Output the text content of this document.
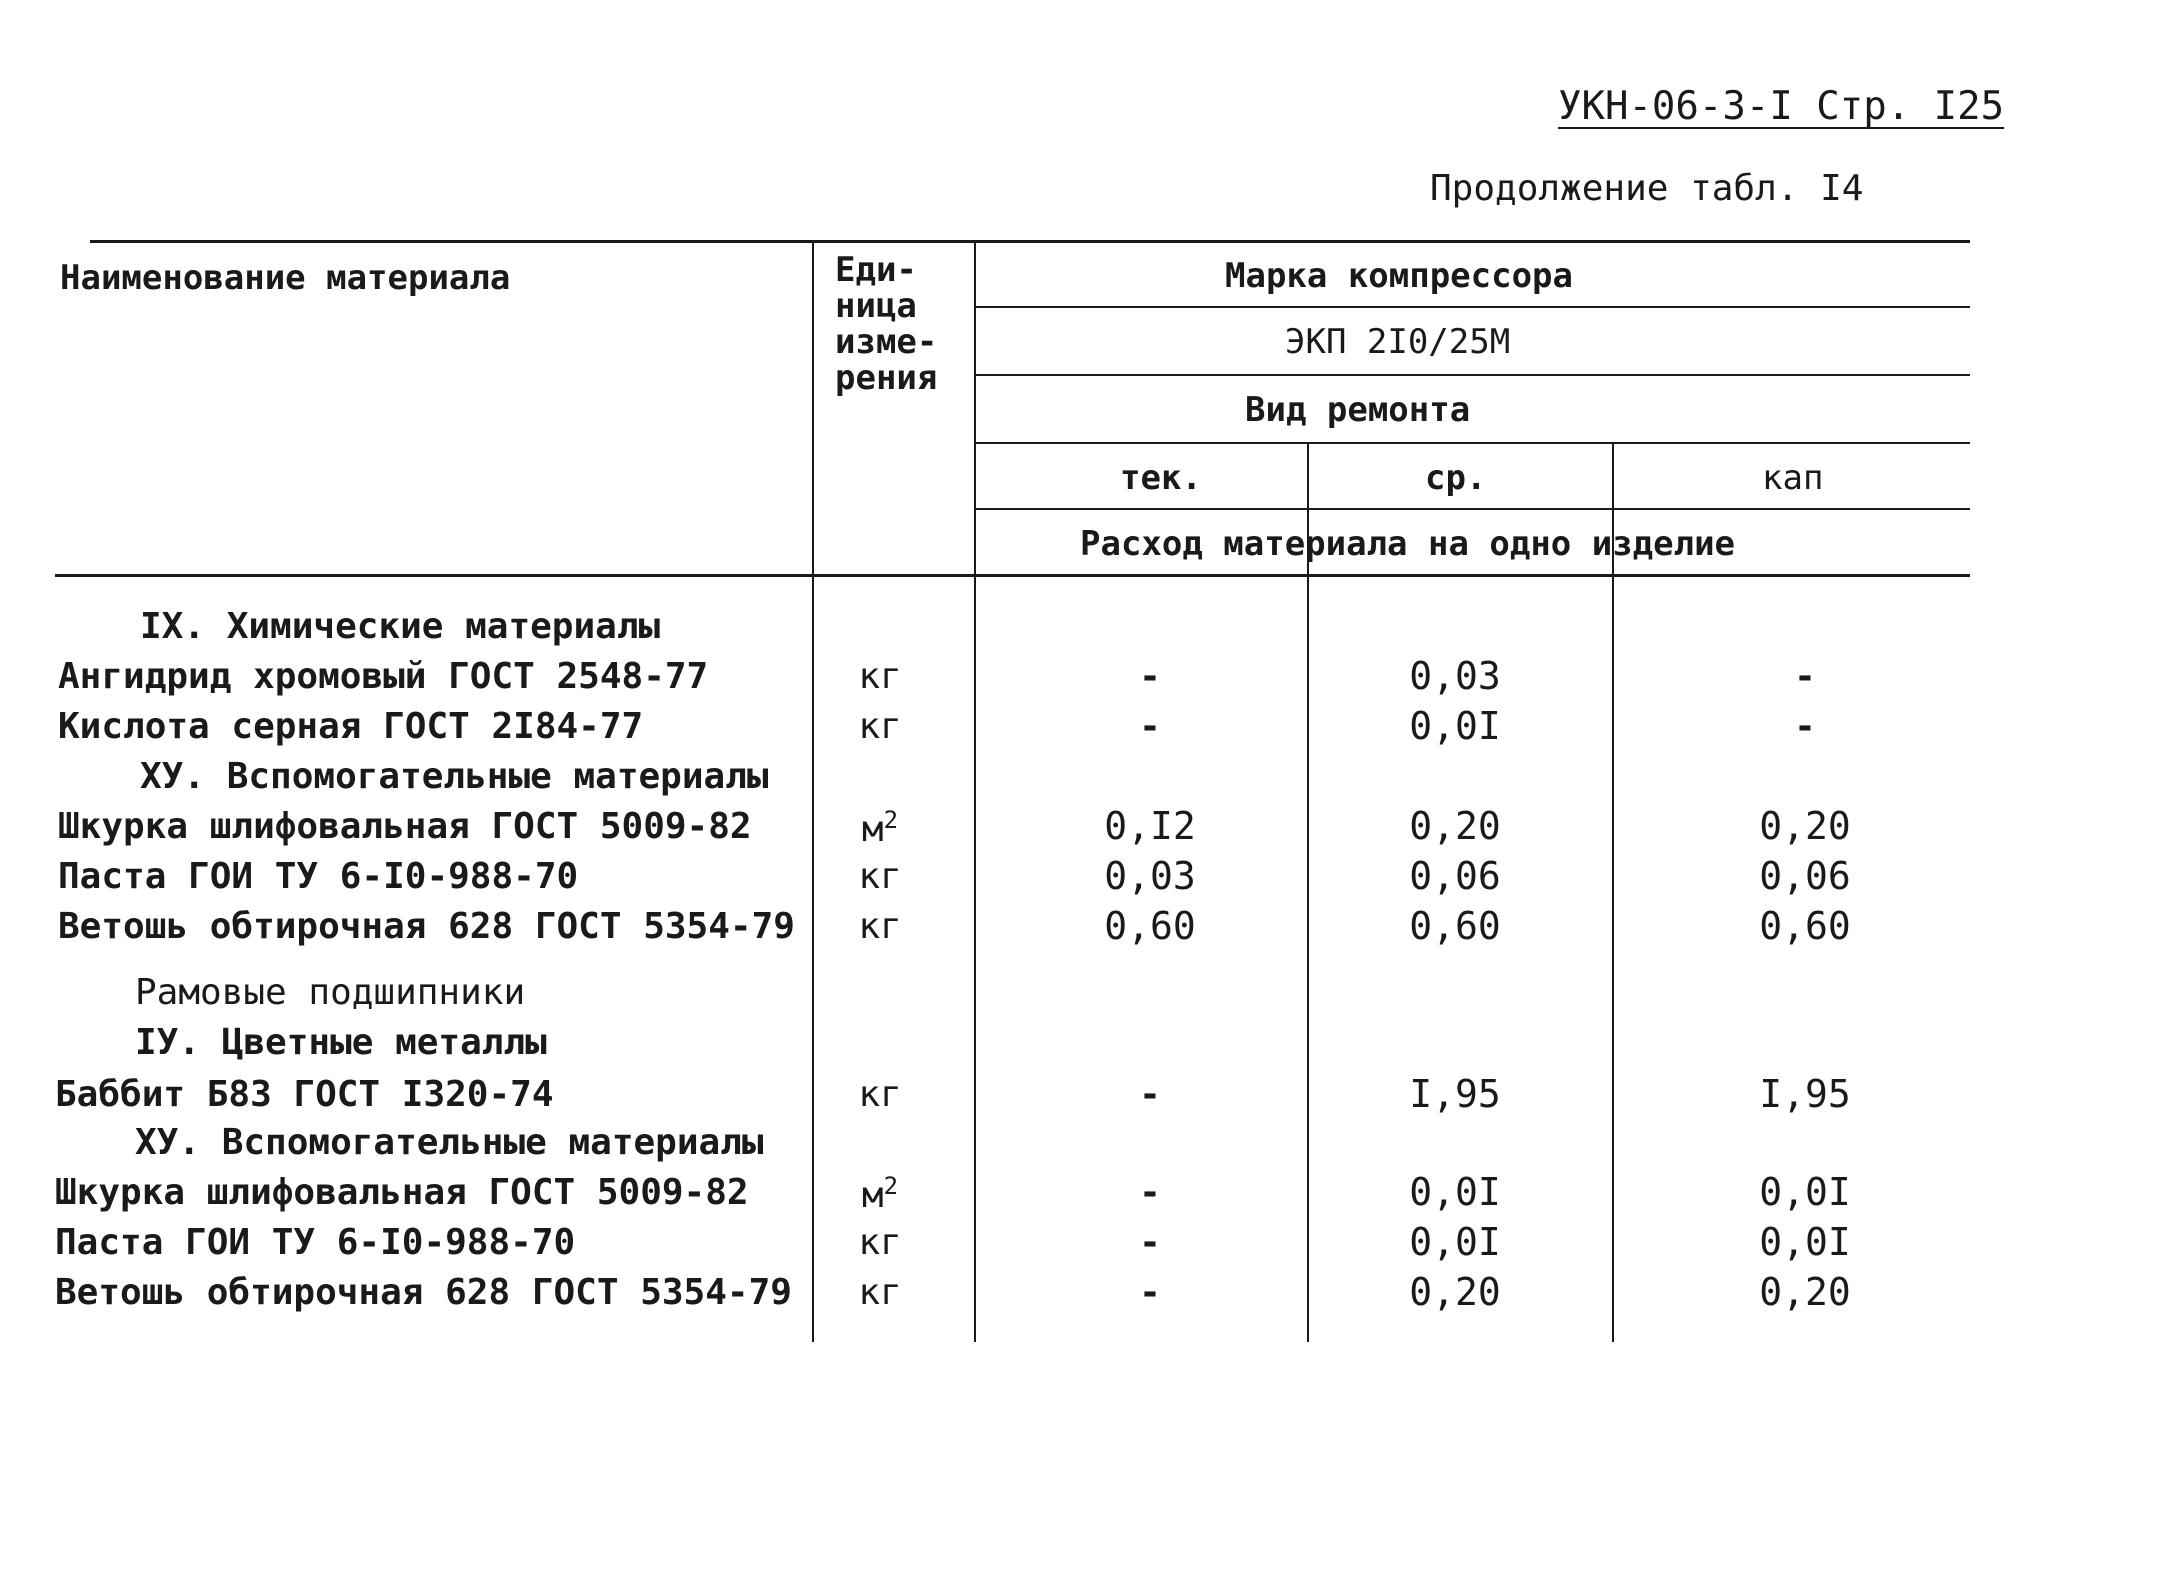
УКН-06-3-I Стр. I25
Продолжение табл. I4
Наименование материала	Еди-
ница
изме-
рения
Марка компрессора
ЭКП 2I0/25М
Вид ремонта
тек.	ср.	кап
Расход материала на одно изделие
IX. Химические материалы
Ангидрид хромовый ГОСТ 2548-77	кг	-	0,03	-
Кислота серная ГОСТ 2I84-77	кг	-	0,0I	-
ХУ. Вспомогательные материалы
Шкурка шлифовальная ГОСТ 5009-82	$м^2$	0,I2	0,20	0,20
Паста ГОИ ТУ 6-I0-988-70	кг	0,03	0,06	0,06
Ветошь обтирочная 628 ГОСТ 5354-79	кг	0,60	0,60	0,60
Рамовые подшипники
IУ. Цветные металлы
Баббит Б83 ГОСТ I320-74	кг	-	I,95	I,95
ХУ. Вспомогательные материалы
Шкурка шлифовальная ГОСТ 5009-82	$м^2$	-	0,0I	0,0I
Паста ГОИ ТУ 6-I0-988-70	кг	-	0,0I	0,0I
Ветошь обтирочная 628 ГОСТ 5354-79	кг	-	0,20	0,20
